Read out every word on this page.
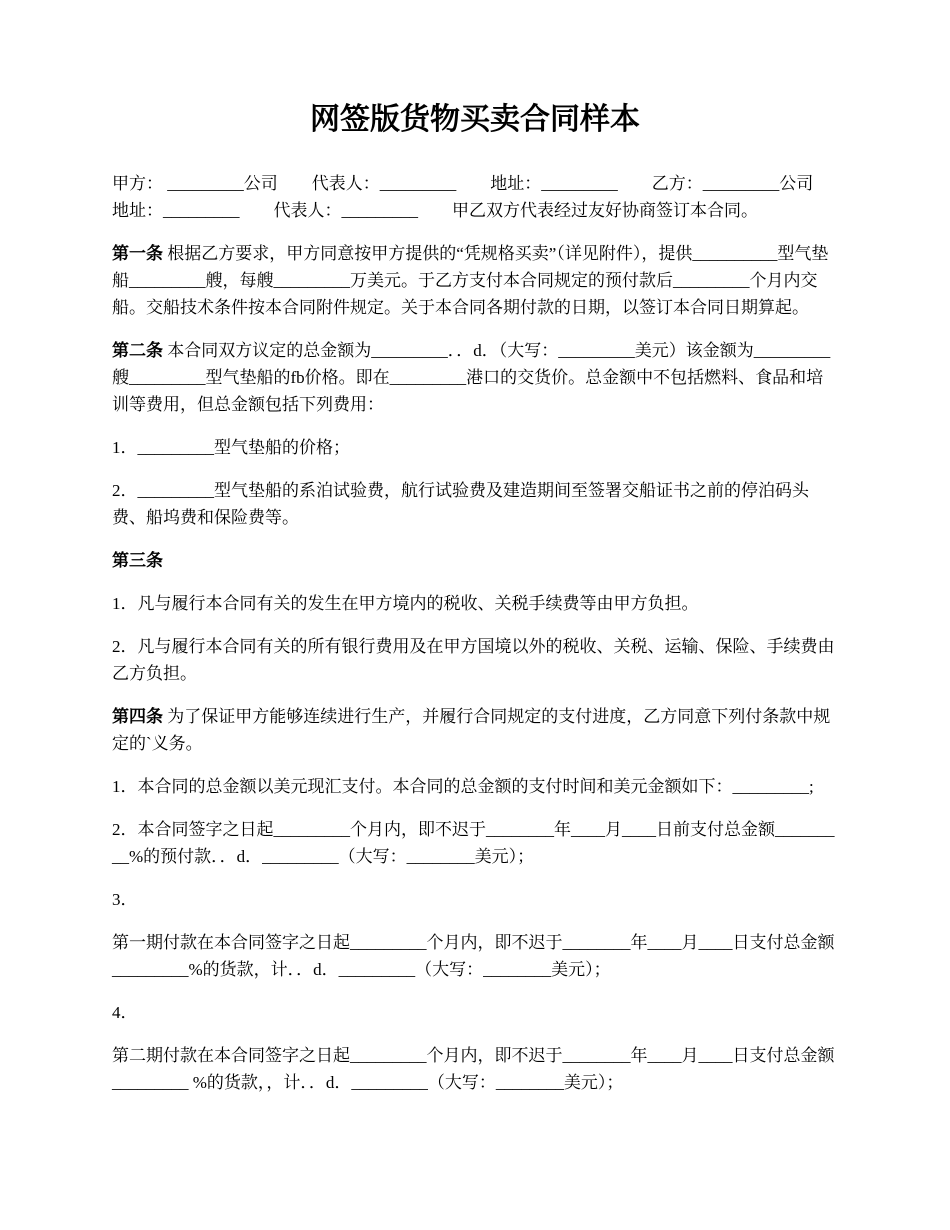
网签版货物买卖合同样本

甲方： _________公司　　代表人：_________　　地址：_________　　乙方：_________公司　　地址：_________　　代表人：_________　　甲乙双方代表经过友好协商签订本合同。

第一条 根据乙方要求，甲方同意按甲方提供的“凭规格买卖”（详见附件），提供__________型气垫船_________艘，每艘_________万美元。于乙方支付本合同规定的预付款后_________个月内交船。交船技术条件按本合同附件规定。关于本合同各期付款的日期，以签订本合同日期算起。

第二条 本合同双方议定的总金额为_________．．d．（大写：_________美元）该金额为_________艘_________型气垫船的fb价格。即在_________港口的交货价。总金额中不包括燃料、食品和培训等费用，但总金额包括下列费用：

1．_________型气垫船的价格；

2．_________型气垫船的系泊试验费，航行试验费及建造期间至签署交船证书之前的停泊码头费、船坞费和保险费等。

第三条

1．凡与履行本合同有关的发生在甲方境内的税收、关税手续费等由甲方负担。

2．凡与履行本合同有关的所有银行费用及在甲方国境以外的税收、关税、运输、保险、手续费由乙方负担。

第四条 为了保证甲方能够连续进行生产，并履行合同规定的支付进度，乙方同意下列付条款中规定的`义务。

1．本合同的总金额以美元现汇支付。本合同的总金额的支付时间和美元金额如下：_________;

2．本合同签字之日起_________个月内，即不迟于________年____月____日前支付总金额_________%的预付款．．d．_________（大写：________美元）；

3．

第一期付款在本合同签字之日起_________个月内，即不迟于________年____月____日支付总金额_________%的货款，计．．d．_________（大写：________美元）；

4．

第二期付款在本合同签字之日起_________个月内，即不迟于________年____月____日支付总金额_________ %的货款，，计．．d．_________（大写：________美元）；
